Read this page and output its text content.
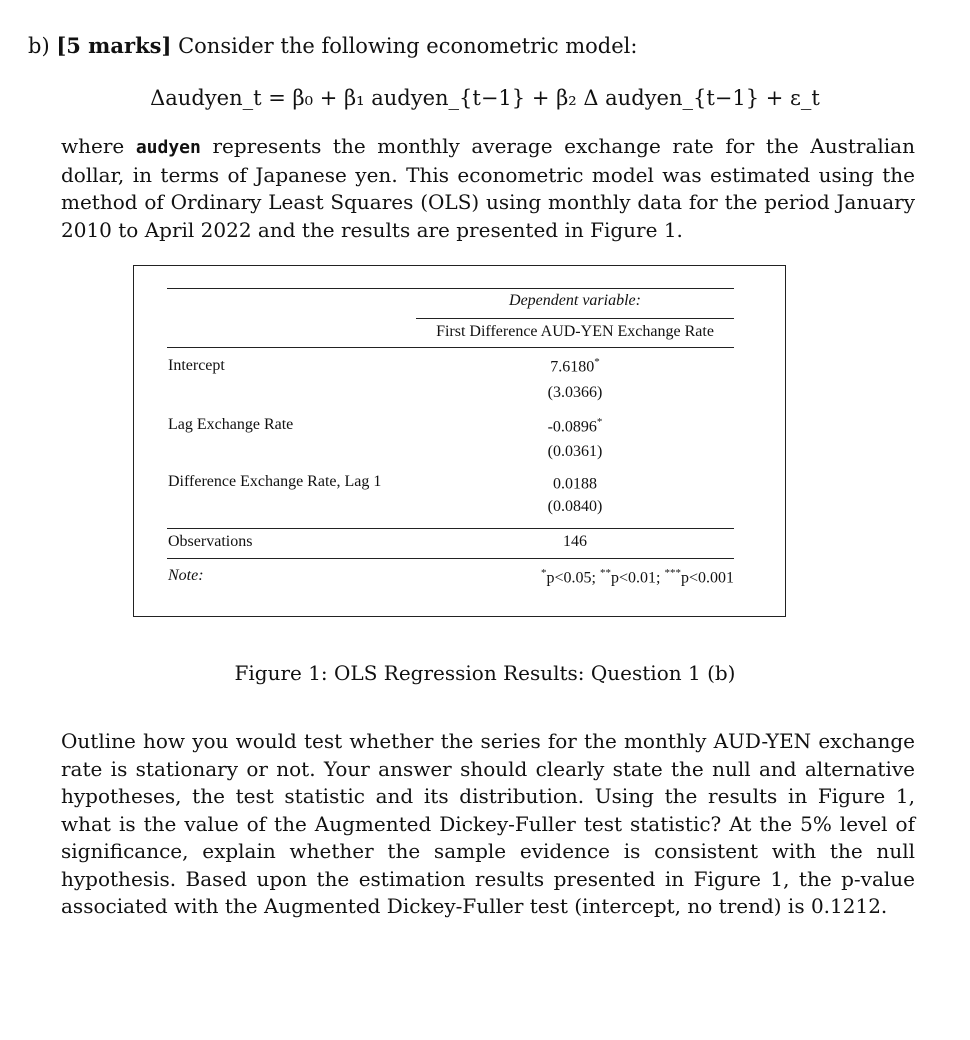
b) [5 marks] Consider the following econometric model:
Δaudyen_t = β₀ + β₁ audyen_{t−1} + β₂ Δ audyen_{t−1} + ε_t
where audyen represents the monthly average exchange rate for the Australian dollar, in terms of Japanese yen. This econometric model was estimated using the method of Ordinary Least Squares (OLS) using monthly data for the period January 2010 to April 2022 and the results are presented in Figure 1.
Dependent variable:
First Difference AUD-YEN Exchange Rate
Intercept	7.6180*
(3.0366)
Lag Exchange Rate	-0.0896*
(0.0361)
Difference Exchange Rate, Lag 1	0.0188
(0.0840)
Observations	146
Note:	*p<0.05; **p<0.01; ***p<0.001
Figure 1: OLS Regression Results: Question 1 (b)
Outline how you would test whether the series for the monthly AUD-YEN exchange rate is stationary or not. Your answer should clearly state the null and alternative hypotheses, the test statistic and its distribution. Using the results in Figure 1, what is the value of the Augmented Dickey-Fuller test statistic? At the 5% level of significance, explain whether the sample evidence is consistent with the null hypothesis. Based upon the estimation results presented in Figure 1, the p-value associated with the Augmented Dickey-Fuller test (intercept, no trend) is 0.1212.
